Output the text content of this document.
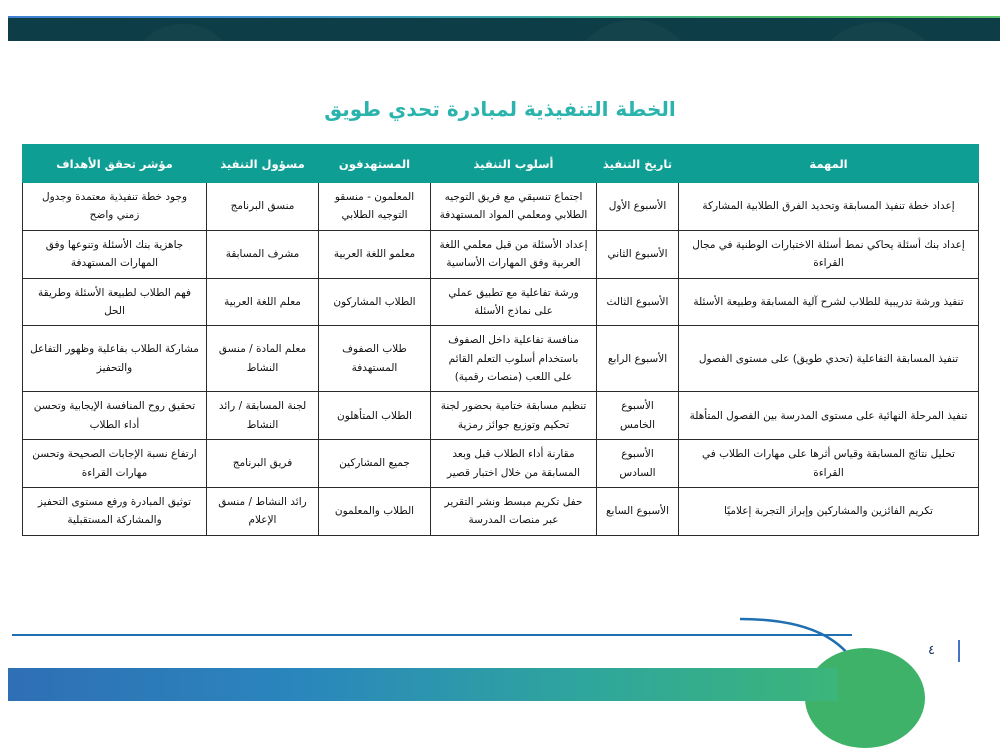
الخطة التنفيذية لمبادرة تحدي طويق
المهمة	تاريخ التنفيذ	أسلوب التنفيذ	المستهدفون	مسؤول التنفيذ	مؤشر تحقق الأهداف
إعداد خطة تنفيذ المسابقة وتحديد الفرق الطلابية المشاركة	الأسبوع الأول	اجتماع تنسيقي مع فريق التوجيه الطلابي ومعلمي المواد المستهدفة	المعلمون - منسقو التوجيه الطلابي	منسق البرنامج	وجود خطة تنفيذية معتمدة وجدول زمني واضح
إعداد بنك أسئلة يحاكي نمط أسئلة الاختبارات الوطنية في مجال القراءة	الأسبوع الثاني	إعداد الأسئلة من قبل معلمي اللغة العربية وفق المهارات الأساسية	معلمو اللغة العربية	مشرف المسابقة	جاهزية بنك الأسئلة وتنوعها وفق المهارات المستهدفة
تنفيذ ورشة تدريبية للطلاب لشرح آلية المسابقة وطبيعة الأسئلة	الأسبوع الثالث	ورشة تفاعلية مع تطبيق عملي على نماذج الأسئلة	الطلاب المشاركون	معلم اللغة العربية	فهم الطلاب لطبيعة الأسئلة وطريقة الحل
تنفيذ المسابقة التفاعلية (تحدي طويق) على مستوى الفصول	الأسبوع الرابع	منافسة تفاعلية داخل الصفوف باستخدام أسلوب التعلم القائم على اللعب (منصات رقمية)	طلاب الصفوف المستهدفة	معلم المادة / منسق النشاط	مشاركة الطلاب بفاعلية وظهور التفاعل والتحفيز
تنفيذ المرحلة النهائية على مستوى المدرسة بين الفصول المتأهلة	الأسبوع الخامس	تنظيم مسابقة ختامية بحضور لجنة تحكيم وتوزيع جوائز رمزية	الطلاب المتأهلون	لجنة المسابقة / رائد النشاط	تحقيق روح المنافسة الإيجابية وتحسن أداء الطلاب
تحليل نتائج المسابقة وقياس أثرها على مهارات الطلاب في القراءة	الأسبوع السادس	مقارنة أداء الطلاب قبل وبعد المسابقة من خلال اختبار قصير	جميع المشاركين	فريق البرنامج	ارتفاع نسبة الإجابات الصحيحة وتحسن مهارات القراءة
تكريم الفائزين والمشاركين وإبراز التجربة إعلاميًا	الأسبوع السابع	حفل تكريم مبسط ونشر التقرير عبر منصات المدرسة	الطلاب والمعلمون	رائد النشاط / منسق الإعلام	توثيق المبادرة ورفع مستوى التحفيز والمشاركة المستقبلية
٤
